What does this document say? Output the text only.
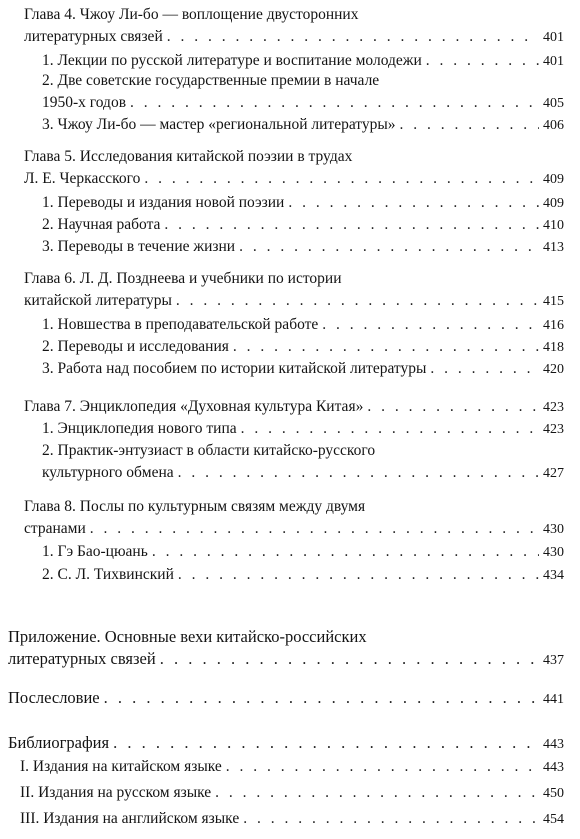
Глава 4. Чжоу Ли-бо — воплощение двусторонних
литературных связей . . .	401
1. Лекции по русской литературе и воспитание молодежи . . .	401
2. Две советские государственные премии в начале
1950-х годов . . .	405
3. Чжоу Ли-бо — мастер «региональной литературы» . . .	406
Глава 5. Исследования китайской поэзии в трудах
Л. Е. Черкасского . . .	409
1. Переводы и издания новой поэзии . . .	409
2. Научная работа . . .	410
3. Переводы в течение жизни . . .	413
Глава 6. Л. Д. Позднеева и учебники по истории
китайской литературы . . .	415
1. Новшества в преподавательской работе . . .	416
2. Переводы и исследования . . .	418
3. Работа над пособием по истории китайской литературы . . .	420
Глава 7. Энциклопедия «Духовная культура Китая» . . .	423
1. Энциклопедия нового типа . . .	423
2. Практик-энтузиаст в области китайско-русского
культурного обмена . . .	427
Глава 8. Послы по культурным связям между двумя
странами . . .	430
1. Гэ Бао-цюань . . .	430
2. С. Л. Тихвинский . . .	434
Приложение. Основные вехи китайско-российских
литературных связей . . .	437
Послесловие . . .	441
Библиография . . .	443
I. Издания на китайском языке . . .	443
II. Издания на русском языке . . .	450
III. Издания на английском языке . . .	454
